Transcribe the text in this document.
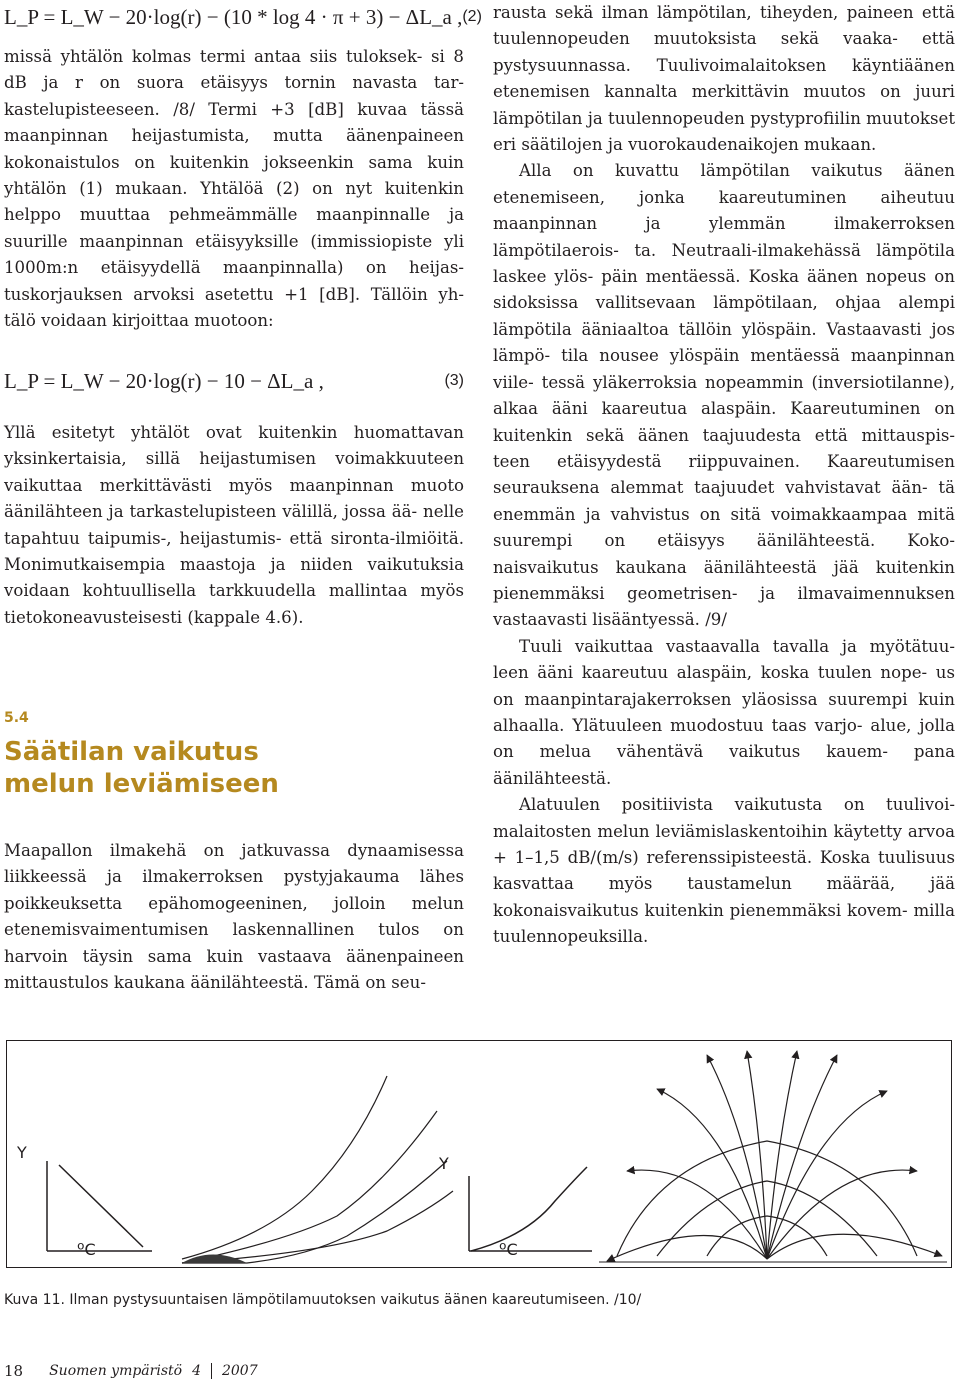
L_P = L_W − 20·log(r) − (10 * log 4 · π + 3) − ΔL_a , (2)

missä yhtälön kolmas termi antaa siis tuloksek- si 8 dB ja r on suora etäisyys tornin navasta tar- kastelupisteeseen. /8/ Termi +3 [dB] kuvaa tässä maanpinnan heijastumista, mutta äänenpaineen kokonaistulos on kuitenkin jokseenkin sama kuin yhtälön (1) mukaan. Yhtälöä (2) on nyt kuitenkin helppo muuttaa pehmeämmälle maanpinnalle ja suurille maanpinnan etäisyyksille (immissiopiste yli 1000m:n etäisyydellä maanpinnalla) on heijas- tuskorjauksen arvoksi asetettu +1 [dB]. Tällöin yh- tälö voidaan kirjoittaa muotoon:

L_P = L_W − 20·log(r) − 10 − ΔL_a ,	(3)

Yllä esitetyt yhtälöt ovat kuitenkin huomattavan yksinkertaisia, sillä heijastumisen voimakkuuteen vaikuttaa merkittävästi myös maanpinnan muoto äänilähteen ja tarkastelupisteen välillä, jossa ää- nelle tapahtuu taipumis-, heijastumis- että sironta-ilmiöitä. Monimutkaisempia maastoja ja niiden vaikutuksia voidaan kohtuullisella tarkkuudella mallintaa myös tietokoneavusteisesti (kappale 4.6).

5.4
Säätilan vaikutus melun leviämiseen

Maapallon ilmakehä on jatkuvassa dynaamisessa liikkeessä ja ilmakerroksen pystyjakauma lähes poikkeuksetta epähomogeeninen, jolloin melun etenemisvaimentumisen laskennallinen tulos on harvoin täysin sama kuin vastaava äänenpaineen mittaustulos kaukana äänilähteestä. Tämä on seu-

rausta sekä ilman lämpötilan, tiheyden, paineen että tuulennopeuden muutoksista sekä vaaka- että pystysuunnassa. Tuulivoimalaitoksen käyntiäänen etenemisen kannalta merkittävin muutos on juuri lämpötilan ja tuulennopeuden pystyprofiilin muutokset eri säätilojen ja vuorokaudenaikojen mukaan.

Alla on kuvattu lämpötilan vaikutus äänen etenemiseen, jonka kaareutuminen aiheutuu maanpinnan ja ylemmän ilmakerroksen lämpötilaerois- ta. Neutraali-ilmakehässä lämpötila laskee ylös- päin mentäessä. Koska äänen nopeus on sidoksissa vallitsevaan lämpötilaan, ohjaa alempi lämpötila ääniaaltoa tällöin ylöspäin. Vastaavasti jos lämpö- tila nousee ylöspäin mentäessä maanpinnan viile- tessä yläkerroksia nopeammin (inversiotilanne), alkaa ääni kaareutua alaspäin. Kaareutuminen on kuitenkin sekä äänen taajuudesta että mittauspis- teen etäisyydestä riippuvainen. Kaareutumisen seurauksena alemmat taajuudet vahvistavat ään- tä enemmän ja vahvistus on sitä voimakkaampaa mitä suurempi on etäisyys äänilähteestä. Koko- naisvaikutus kaukana äänilähteestä jää kuitenkin pienemmäksi geometrisen- ja ilmavaimennuksen vastaavasti lisääntyessä. /9/

Tuuli vaikuttaa vastaavalla tavalla ja myötätuu- leen ääni kaareutuu alaspäin, koska tuulen nope- us on maanpintarajakerroksen yläosissa suurempi kuin alhaalla. Ylätuuleen muodostuu taas varjo- alue, jolla on melua vähentävä vaikutus kauem- pana äänilähteestä.

Alatuulen positiivista vaikutusta on tuulivoi- malaitosten melun leviämislaskentoihin käytetty arvoa + 1–1,5 dB/(m/s) referenssipisteestä. Koska tuulisuus kasvattaa myös taustamelun määrää, jää kokonaisvaikutus kuitenkin pienemmäksi kovem- milla tuulennopeuksilla.

Y
ºC
Y
ºC
Kuva 11. Ilman pystysuuntaisen lämpötilamuutoksen vaikutus äänen kaareutumiseen. /10/
18 Suomen ympäristö 4 2007
